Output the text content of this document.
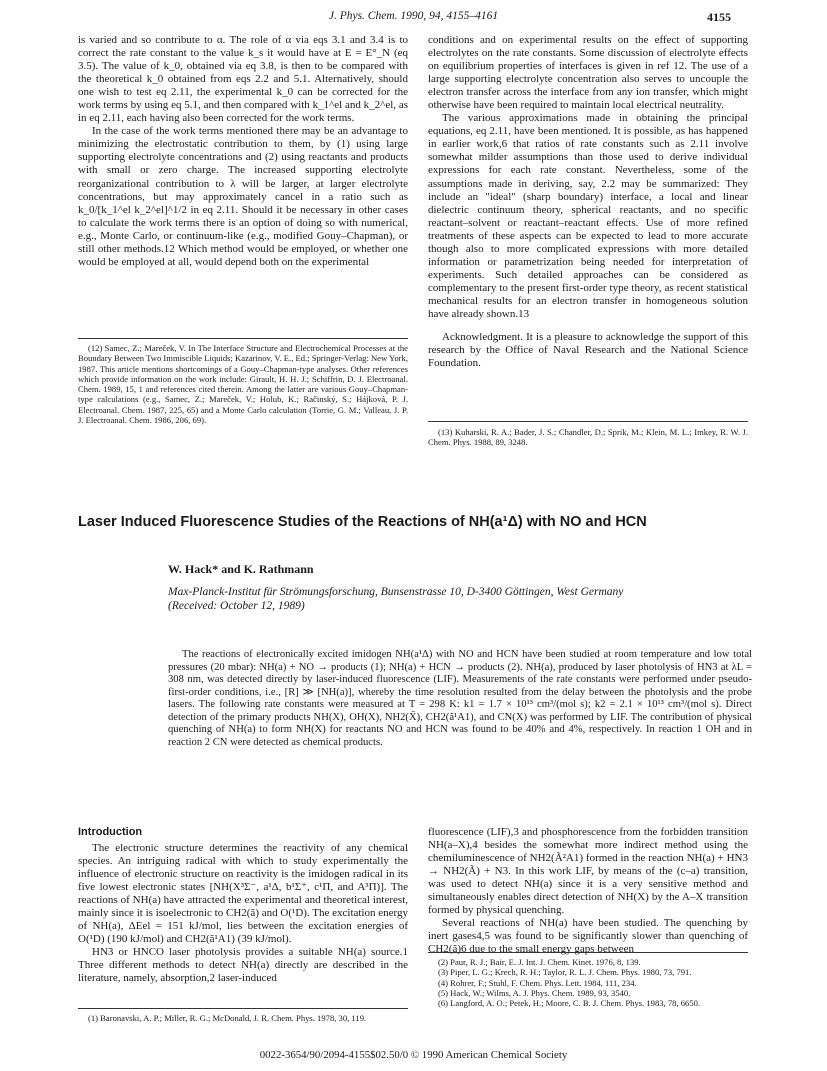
J. Phys. Chem. 1990, 94, 4155–4161	4155

is varied and so contribute to α. The role of α via eqs 3.1 and 3.4 is to correct the rate constant to the value k_s it would have at E = E°_N (eq 3.5). The value of k_0, obtained via eq 3.8, is then to be compared with the theoretical k_0 obtained from eqs 2.2 and 5.1. Alternatively, should one wish to test eq 2.11, the experimental k_0 can be corrected for the work terms by using eq 5.1, and then compared with k_1^el and k_2^el, as in eq 2.11, each having also been corrected for the work terms.

In the case of the work terms mentioned there may be an advantage to minimizing the electrostatic contribution to them, by (1) using large supporting electrolyte concentrations and (2) using reactants and products with small or zero charge. The increased supporting electrolyte reorganizational contribution to λ will be larger, at larger electrolyte concentrations, but may approximately cancel in a ratio such as k_0/[k_1^el k_2^el]^1/2 in eq 2.11. Should it be necessary in other cases to calculate the work terms there is an option of doing so with numerical, e.g., Monte Carlo, or continuum-like (e.g., modified Gouy–Chapman), or still other methods.12 Which method would be employed, or whether one would be employed at all, would depend both on the experimental

conditions and on experimental results on the effect of supporting electrolytes on the rate constants. Some discussion of electrolyte effects on equilibrium properties of interfaces is given in ref 12. The use of a large supporting electrolyte concentration also serves to uncouple the electron transfer across the interface from any ion transfer, which might otherwise have been required to maintain local electrical neutrality.

The various approximations made in obtaining the principal equations, eq 2.11, have been mentioned. It is possible, as has happened in earlier work,6 that ratios of rate constants such as 2.11 involve somewhat milder assumptions than those used to derive individual expressions for each rate constant. Nevertheless, some of the assumptions made in deriving, say, 2.2 may be summarized: They include an "ideal" (sharp boundary) interface, a local and linear dielectric continuum theory, spherical reactants, and no specific reactant–solvent or reactant–reactant effects. Use of more refined treatments of these aspects can be expected to lead to more accurate though also to more complicated expressions with more detailed information or parametrization being needed for interpretation of experiments. Such detailed approaches can be considered as complementary to the present first-order type theory, as recent statistical mechanical results for an electron transfer in homogeneous solution have already shown.13

Acknowledgment. It is a pleasure to acknowledge the support of this research by the Office of Naval Research and the National Science Foundation.

(12) Samec, Z.; Mareček, V. In The Interface Structure and Electrochemical Processes at the Boundary Between Two Immiscible Liquids; Kazarinov, V. E., Ed.; Springer-Verlag: New York, 1987. This article mentions shortcomings of a Gouy–Chapman-type analyses. Other references which provide information on the work include: Girault, H. H. J.; Schiffrin, D. J. Electroanal. Chem. 1989, 15, 1 and references cited therein. Among the latter are various Gouy–Chapman-type calculations (e.g., Samec, Z.; Mareček, V.; Holub, K.; Račinský, S.; Hájková, P. J. Electroanal. Chem. 1987, 225, 65) and a Monte Carlo calculation (Torrie, G. M.; Valleau, J. P. J. Electroanal. Chem. 1986, 206, 69).

(13) Kuharski, R. A.; Bader, J. S.; Chandler, D.; Sprik, M.; Klein, M. L.; Imkey, R. W. J. Chem. Phys. 1988, 89, 3248.

Laser Induced Fluorescence Studies of the Reactions of NH(a¹Δ) with NO and HCN
W. Hack* and K. Rathmann
Max-Planck-Institut für Strömungsforschung, Bunsenstrasse 10, D-3400 Göttingen, West Germany
(Received: October 12, 1989)

The reactions of electronically excited imidogen NH(a¹Δ) with NO and HCN have been studied at room temperature and low total pressures (20 mbar): NH(a) + NO → products (1); NH(a) + HCN → products (2). NH(a), produced by laser photolysis of HN3 at λL = 308 nm, was detected directly by laser-induced fluorescence (LIF). Measurements of the rate constants were performed under pseudo-first-order conditions, i.e., [R] ≫ [NH(a)], whereby the time resolution resulted from the delay between the photolysis and the probe lasers. The following rate constants were measured at T = 298 K: k1 = 1.7 × 10¹³ cm³/(mol s); k2 = 2.1 × 10¹³ cm³/(mol s). Direct detection of the primary products NH(X), OH(X), NH2(X̃), CH2(ã¹A1), and CN(X) was performed by LIF. The contribution of physical quenching of NH(a) to form NH(X) for reactants NO and HCN was found to be 40% and 4%, respectively. In reaction 1 OH and in reaction 2 CN were detected as chemical products.

Introduction

The electronic structure determines the reactivity of any chemical species. An intriguing radical with which to study experimentally the influence of electronic structure on reactivity is the imidogen radical in its five lowest electronic states [NH(X³Σ⁻, a¹Δ, b¹Σ⁺, c¹Π, and A³Π)]. The reactions of NH(a) have attracted the experimental and theoretical interest, mainly since it is isoelectronic to CH2(ã) and O(¹D). The excitation energy of NH(a), ΔEel = 151 kJ/mol, lies between the excitation energies of O(¹D) (190 kJ/mol) and CH2(ã¹A1) (39 kJ/mol).

HN3 or HNCO laser photolysis provides a suitable NH(a) source.1 Three different methods to detect NH(a) directly are described in the literature, namely, absorption,2 laser-induced

fluorescence (LIF),3 and phosphorescence from the forbidden transition NH(a–X),4 besides the somewhat more indirect method using the chemiluminescence of NH2(Ã²A1) formed in the reaction NH(a) + HN3 → NH2(Ã) + N3. In this work LIF, by means of the (c–a) transition, was used to detect NH(a) since it is a very sensitive method and simultaneously enables direct detection of NH(X) by the A–X transition formed by physical quenching.

Several reactions of NH(a) have been studied. The quenching by inert gases4,5 was found to be significantly slower than quenching of CH2(ã)6 due to the small energy gaps between

(1) Baronavski, A. P.; Miller, R. G.; McDonald, J. R. Chem. Phys. 1978, 30, 119.

(2) Paur, R. J.; Bair, E. J. Int. J. Chem. Kinet. 1976, 8, 139.

(3) Piper, L. G.; Krech, R. H.; Taylor, R. L. J. Chem. Phys. 1980, 73, 791.

(4) Rohrer, F.; Stuhl, F. Chem. Phys. Lett. 1984, 111, 234.

(5) Hack, W.; Wilms, A. J. Phys. Chem. 1989, 93, 3540.

(6) Langford, A. O.; Petek, H.; Moore, C. B. J. Chem. Phys. 1983, 78, 6650.

0022-3654/90/2094-4155$02.50/0 © 1990 American Chemical Society
